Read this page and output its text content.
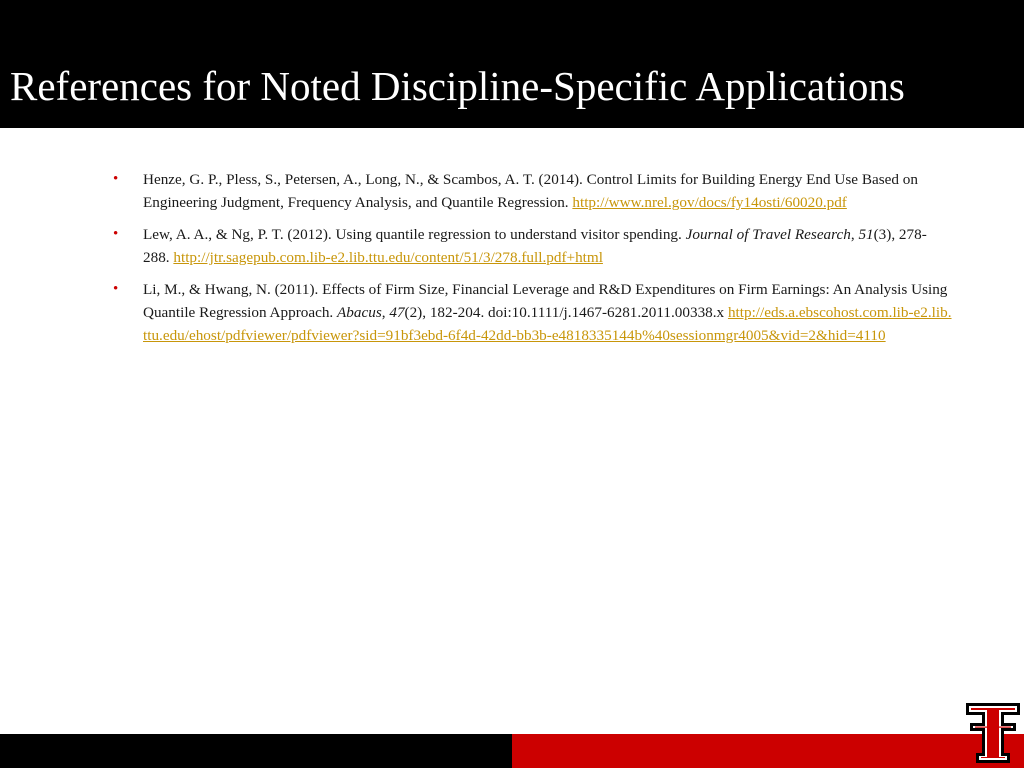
References for Noted Discipline-Specific Applications
• Henze, G. P., Pless, S., Petersen, A., Long, N., & Scambos, A. T. (2014). Control Limits for Building Energy End Use Based on Engineering Judgment, Frequency Analysis, and Quantile Regression. http://www.nrel.gov/docs/fy14osti/60020.pdf
• Lew, A. A., & Ng, P. T. (2012). Using quantile regression to understand visitor spending. Journal of Travel Research, 51(3), 278-288. http://jtr.sagepub.com.lib-e2.lib.ttu.edu/content/51/3/278.full.pdf+html
• Li, M., & Hwang, N. (2011). Effects of Firm Size, Financial Leverage and R&D Expenditures on Firm Earnings: An Analysis Using Quantile Regression Approach. Abacus, 47(2), 182-204. doi:10.1111/j.1467-6281.2011.00338.x http://eds.a.ebscohost.com.lib-e2.lib.ttu.edu/ehost/pdfviewer/pdfviewer?sid=91bf3ebd-6f4d-42dd-bb3b-e4818335144b%40sessionmgr4005&vid=2&hid=4110
